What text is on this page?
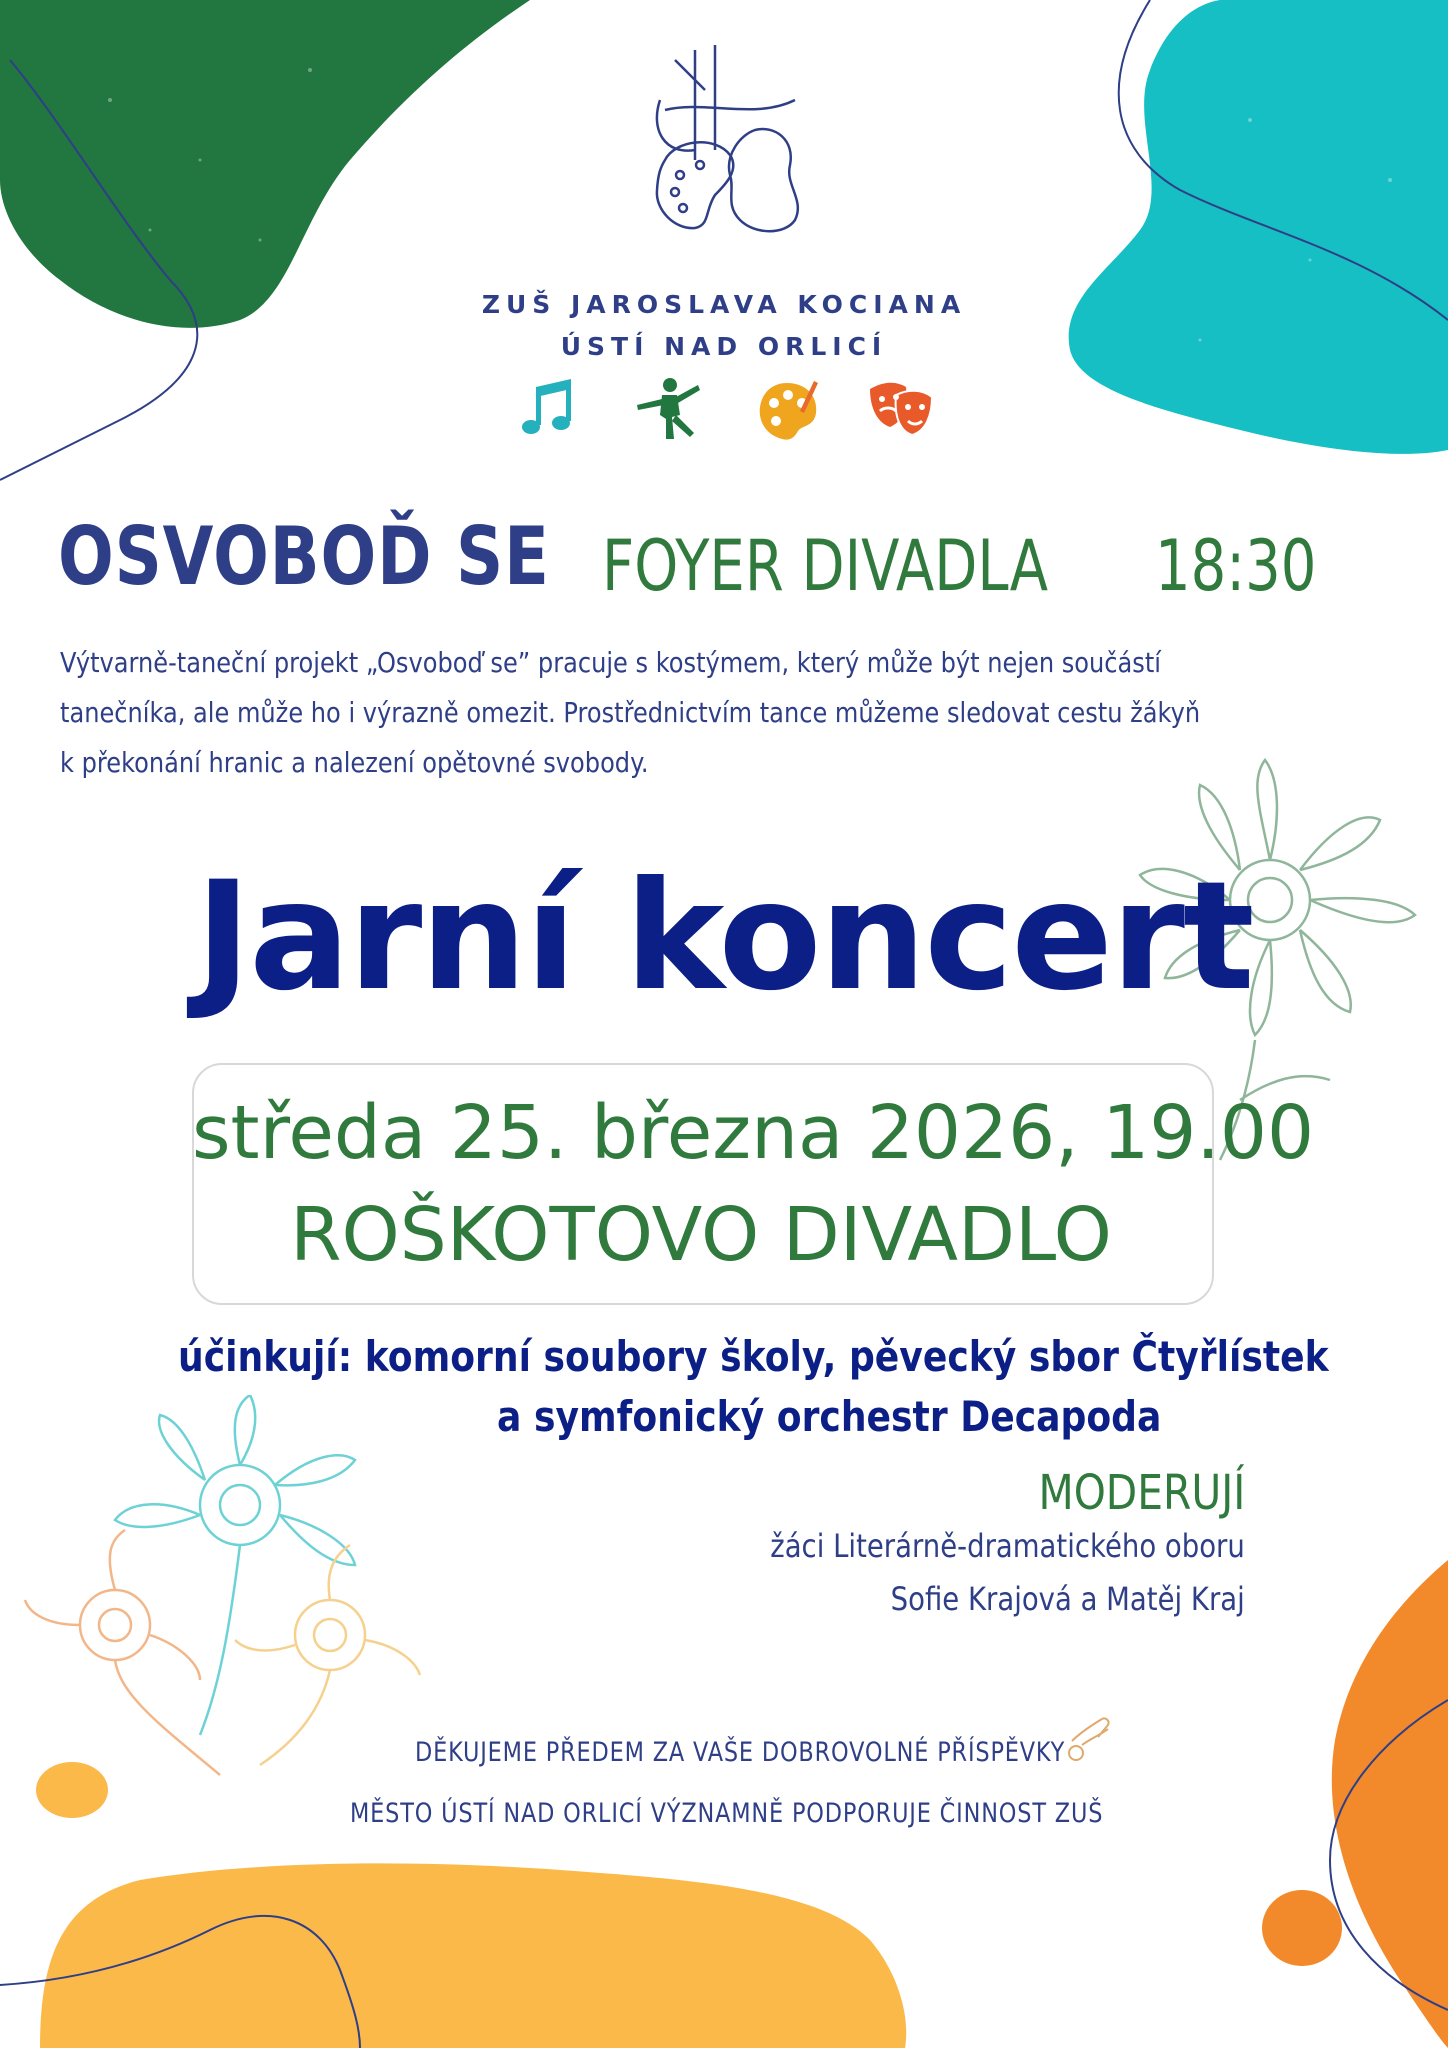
ZUŠ JAROSLAVA KOCIANA
ÚSTÍ NAD ORLICÍ
OSVOBOĎ SE FOYER DIVADLA 18:30

Výtvarně-taneční projekt „Osvoboď se” pracuje s kostýmem, který může být nejen součástí

tanečníka, ale může ho i výrazně omezit. Prostřednictvím tance můžeme sledovat cestu žákyň

k překonání hranic a nalezení opětovné svobody.

Jarní koncert
středa 25. března 2026, 19.00
ROŠKOTOVO DIVADLO
účinkují: komorní soubory školy, pěvecký sbor Čtyřlístek
a symfonický orchestr Decapoda
MODERUJÍ
žáci Literárně-dramatického oboru
Sofie Krajová a Matěj Kraj
DĚKUJEME PŘEDEM ZA VAŠE DOBROVOLNÉ PŘÍSPĚVKY
MĚSTO ÚSTÍ NAD ORLICÍ VÝZNAMNĚ PODPORUJE ČINNOST ZUŠ
